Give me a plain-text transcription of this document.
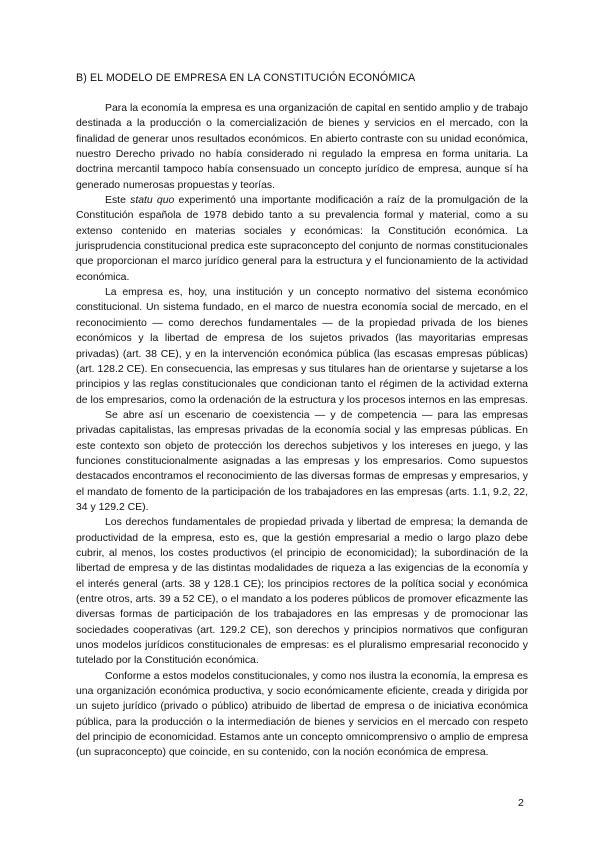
B) EL MODELO DE EMPRESA EN LA CONSTITUCIÓN ECONÓMICA

Para la economía la empresa es una organización de capital en sentido amplio y de trabajo destinada a la producción o la comercialización de bienes y servicios en el mercado, con la finalidad de generar unos resultados económicos. En abierto contraste con su unidad económica, nuestro Derecho privado no había considerado ni regulado la empresa en forma unitaria. La doctrina mercantil tampoco había consensuado un concepto jurídico de empresa, aunque sí ha generado numerosas propuestas y teorías.

Este statu quo experimentó una importante modificación a raíz de la promulgación de la Constitución española de 1978 debido tanto a su prevalencia formal y material, como a su extenso contenido en materias sociales y económicas: la Constitución económica. La jurisprudencia constitucional predica este supraconcepto del conjunto de normas constitucionales que proporcionan el marco jurídico general para la estructura y el funcionamiento de la actividad económica.

La empresa es, hoy, una institución y un concepto normativo del sistema económico constitucional. Un sistema fundado, en el marco de nuestra economía social de mercado, en el reconocimiento — como derechos fundamentales — de la propiedad privada de los bienes económicos y la libertad de empresa de los sujetos privados (las mayoritarias empresas privadas) (art. 38 CE), y en la intervención económica pública (las escasas empresas públicas) (art. 128.2 CE). En consecuencia, las empresas y sus titulares han de orientarse y sujetarse a los principios y las reglas constitucionales que condicionan tanto el régimen de la actividad externa de los empresarios, como la ordenación de la estructura y los procesos internos en las empresas.

Se abre así un escenario de coexistencia — y de competencia — para las empresas privadas capitalistas, las empresas privadas de la economía social y las empresas públicas. En este contexto son objeto de protección los derechos subjetivos y los intereses en juego, y las funciones constitucionalmente asignadas a las empresas y los empresarios. Como supuestos destacados encontramos el reconocimiento de las diversas formas de empresas y empresarios, y el mandato de fomento de la participación de los trabajadores en las empresas (arts. 1.1, 9.2, 22, 34 y 129.2 CE).

Los derechos fundamentales de propiedad privada y libertad de empresa; la demanda de productividad de la empresa, esto es, que la gestión empresarial a medio o largo plazo debe cubrir, al menos, los costes productivos (el principio de economicidad); la subordinación de la libertad de empresa y de las distintas modalidades de riqueza a las exigencias de la economía y el interés general (arts. 38 y 128.1 CE); los principios rectores de la política social y económica (entre otros, arts. 39 a 52 CE), o el mandato a los poderes públicos de promover eficazmente las diversas formas de participación de los trabajadores en las empresas y de promocionar las sociedades cooperativas (art. 129.2 CE), son derechos y principios normativos que configuran unos modelos jurídicos constitucionales de empresas: es el pluralismo empresarial reconocido y tutelado por la Constitución económica.

Conforme a estos modelos constitucionales, y como nos ilustra la economía, la empresa es una organización económica productiva, y socio económicamente eficiente, creada y dirigida por un sujeto jurídico (privado o público) atribuido de libertad de empresa o de iniciativa económica pública, para la producción o la intermediación de bienes y servicios en el mercado con respeto del principio de economicidad. Estamos ante un concepto omnicomprensivo o amplio de empresa (un supraconcepto) que coincide, en su contenido, con la noción económica de empresa.

2
